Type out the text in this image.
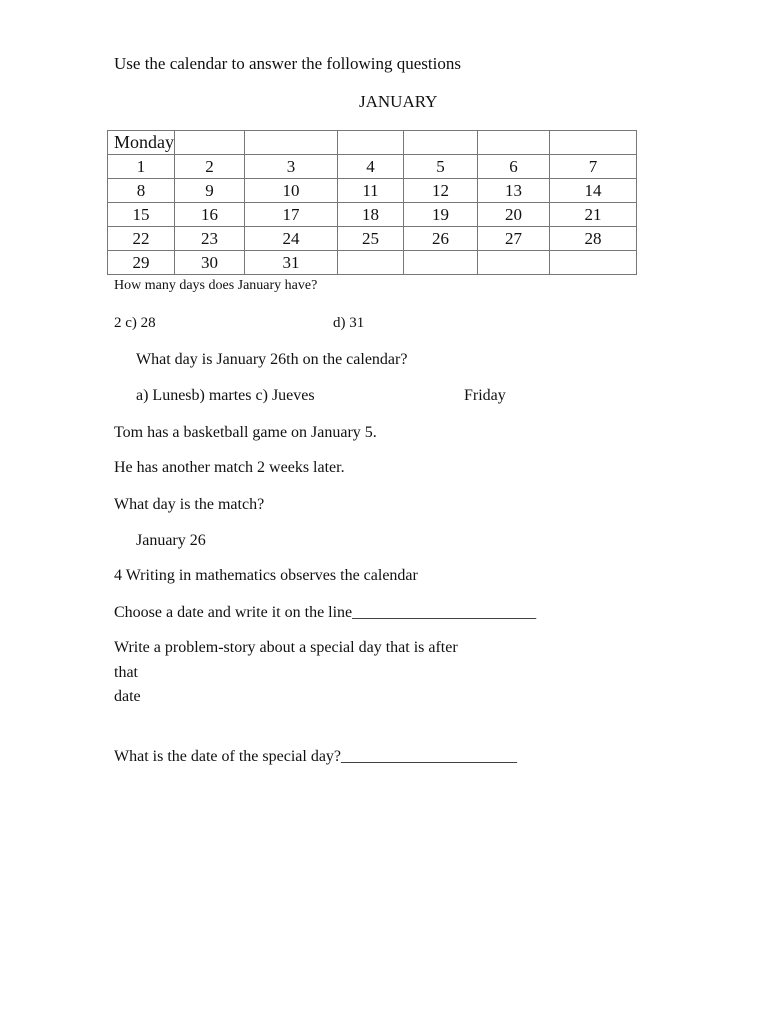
Use the calendar to answer the following questions
JANUARY
Monday						
1	2	3	4	5	6	7
8	9	10	11	12	13	14
15	16	17	18	19	20	21
22	23	24	25	26	27	28
29	30	31				
How many days does January have?
2 c) 28	d) 31
What day is January 26th on the calendar?
a) Lunesb) martes c) Jueves	Friday
Tom has a basketball game on January 5.
He has another match 2 weeks later.
What day is the match?
January 26
4 Writing in mathematics observes the calendar
Choose a date and write it on the line_______________________
Write a problem-story about a special day that is after
that
date
What is the date of the special day?______________________
